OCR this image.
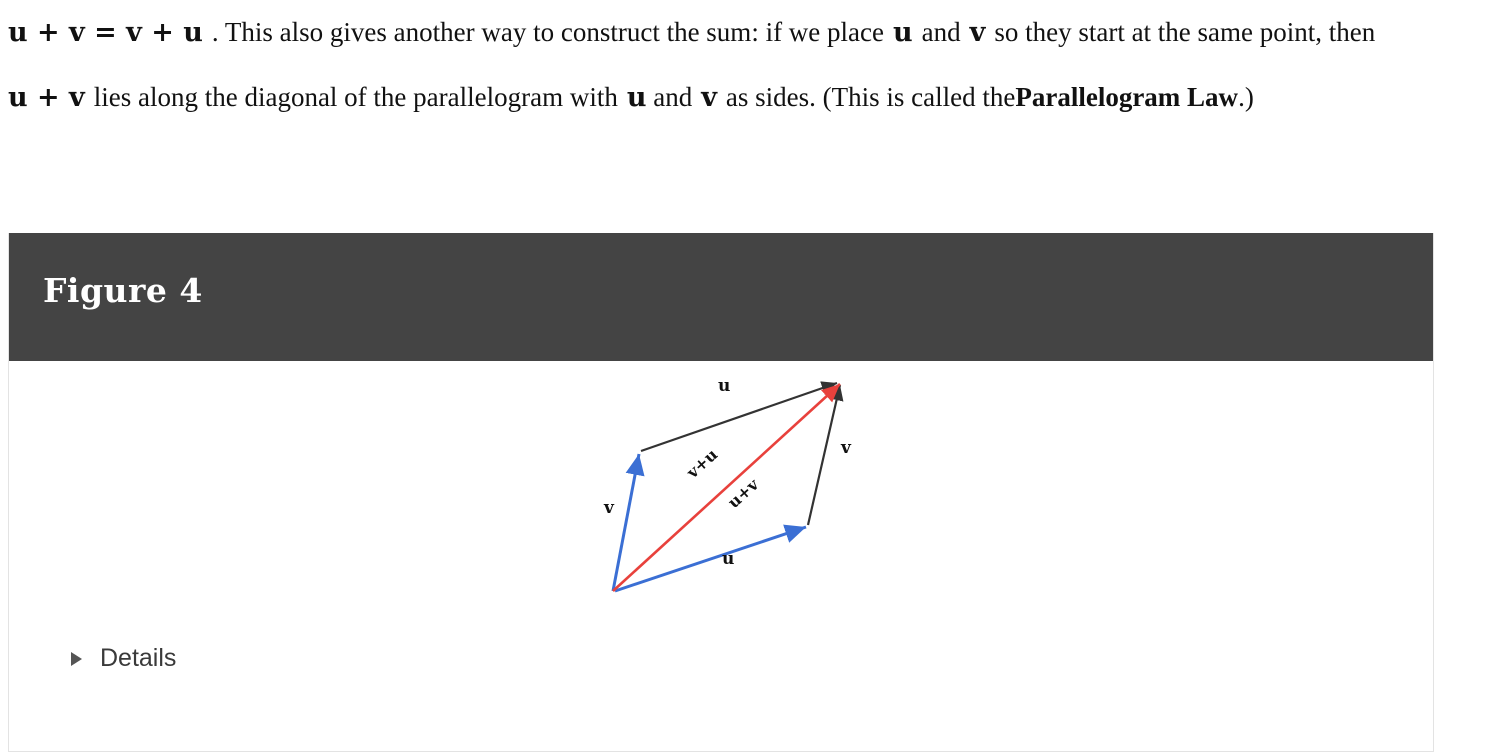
u + v = v + u . This also gives another way to construct the sum: if we place u and v so they start at the same point, thenu + v lies along the diagonal of the parallelogram with u and v as sides. (This is called theParallelogram Law.)
Figure 4
u
v
v
u
v+u
u+v
Details
